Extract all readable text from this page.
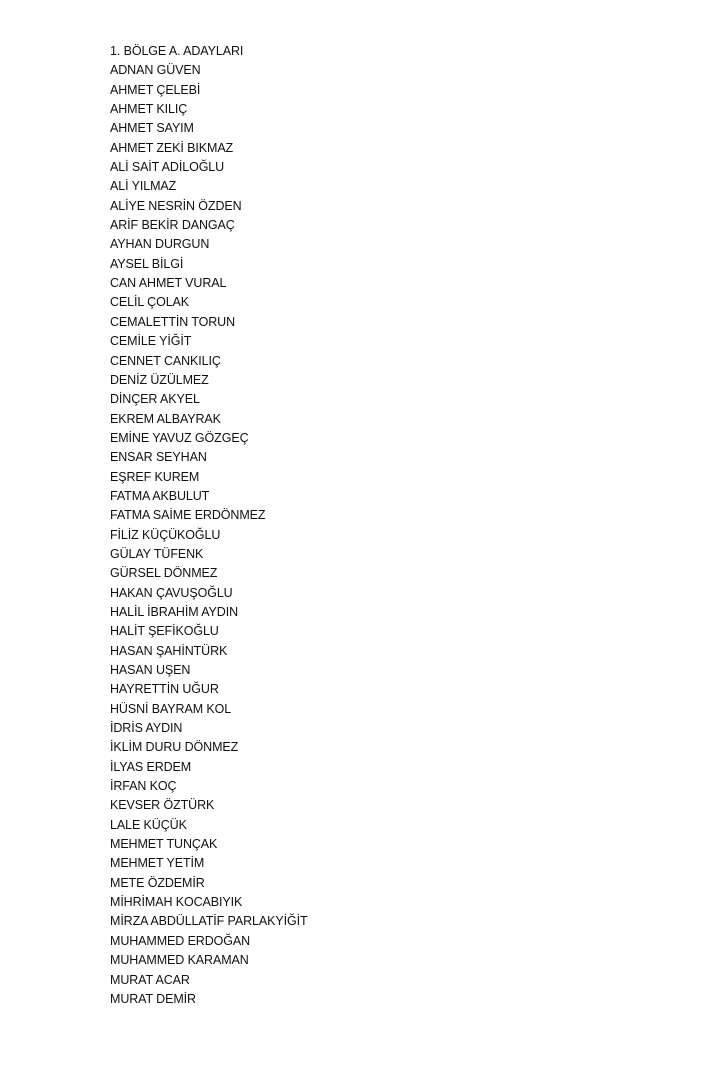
1. BÖLGE A. ADAYLARI
ADNAN GÜVEN
AHMET ÇELEBİ
AHMET KILIÇ
AHMET SAYIM
AHMET ZEKİ BIKMAZ
ALİ SAİT ADİLOĞLU
ALİ YILMAZ
ALİYE NESRİN ÖZDEN
ARİF BEKİR DANGAÇ
AYHAN DURGUN
AYSEL BİLGİ
CAN AHMET VURAL
CELİL ÇOLAK
CEMALETTİN TORUN
CEMİLE YİĞİT
CENNET CANKILIÇ
DENİZ ÜZÜLMEZ
DİNÇER AKYEL
EKREM ALBAYRAK
EMİNE YAVUZ GÖZGEÇ
ENSAR SEYHAN
EŞREF KUREM
FATMA AKBULUT
FATMA SAİME ERDÖNMEZ
FİLİZ KÜÇÜKOĞLU
GÜLAY TÜFENK
GÜRSEL DÖNMEZ
HAKAN ÇAVUŞOĞLU
HALİL İBRAHİM AYDIN
HALİT ŞEFİKOĞLU
HASAN ŞAHİNTÜRK
HASAN UŞEN
HAYRETTİN UĞUR
HÜSNİ BAYRAM KOL
İDRİS AYDIN
İKLİM DURU DÖNMEZ
İLYAS ERDEM
İRFAN KOÇ
KEVSER ÖZTÜRK
LALE KÜÇÜK
MEHMET TUNÇAK
MEHMET YETİM
METE ÖZDEMİR
MİHRİMAH KOCABIYIK
MİRZA ABDÜLLATİF PARLAKYİĞİT
MUHAMMED ERDOĞAN
MUHAMMED KARAMAN
MURAT ACAR
MURAT DEMİR
